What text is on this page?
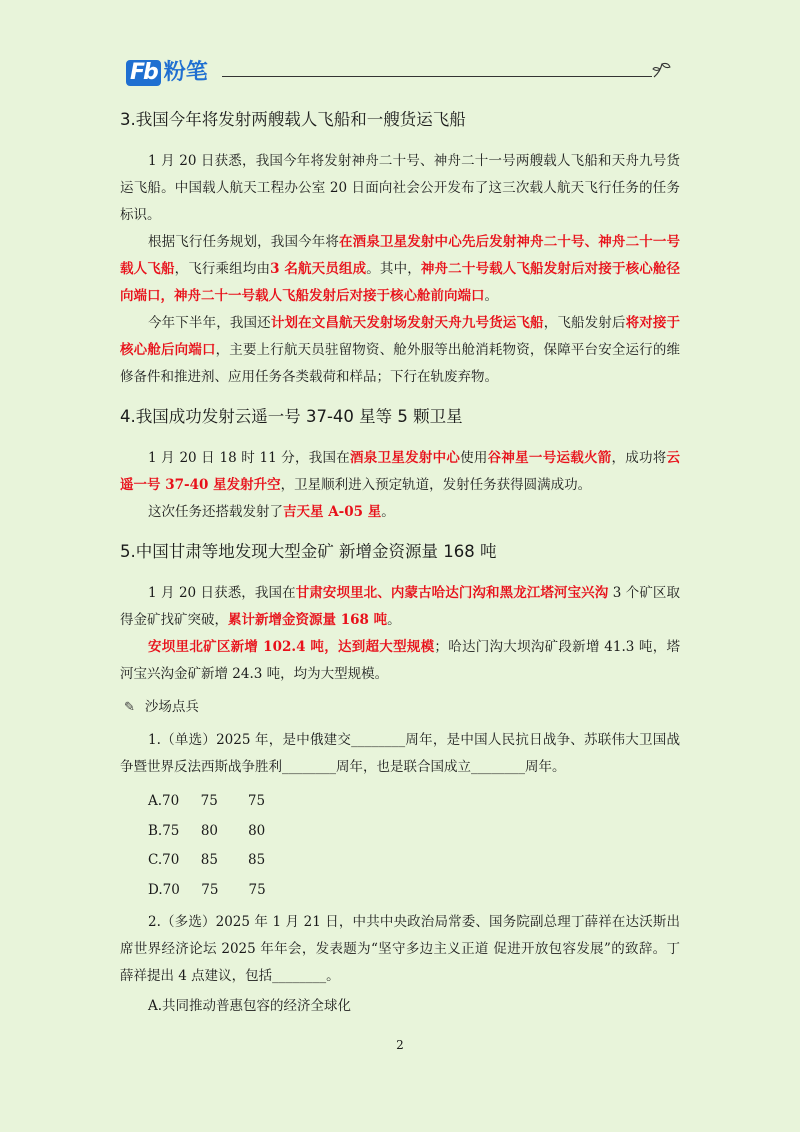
Fb 粉笔
3.我国今年将发射两艘载人飞船和一艘货运飞船

1 月 20 日获悉，我国今年将发射神舟二十号、神舟二十一号两艘载人飞船和天舟九号货运飞船。中国载人航天工程办公室 20 日面向社会公开发布了这三次载人航天飞行任务的任务标识。

根据飞行任务规划，我国今年将在酒泉卫星发射中心先后发射神舟二十号、神舟二十一号载人飞船，飞行乘组均由3 名航天员组成。其中，神舟二十号载人飞船发射后对接于核心舱径向端口，神舟二十一号载人飞船发射后对接于核心舱前向端口。

今年下半年，我国还计划在文昌航天发射场发射天舟九号货运飞船，飞船发射后将对接于核心舱后向端口，主要上行航天员驻留物资、舱外服等出舱消耗物资，保障平台安全运行的维修备件和推进剂、应用任务各类载荷和样品；下行在轨废弃物。

4.我国成功发射云遥一号 37-40 星等 5 颗卫星

1 月 20 日 18 时 11 分，我国在酒泉卫星发射中心使用谷神星一号运载火箭，成功将云遥一号 37-40 星发射升空，卫星顺利进入预定轨道，发射任务获得圆满成功。

这次任务还搭载发射了吉天星 A-05 星。

5.中国甘肃等地发现大型金矿 新增金资源量 168 吨

1 月 20 日获悉，我国在甘肃安坝里北、内蒙古哈达门沟和黑龙江塔河宝兴沟 3 个矿区取得金矿找矿突破，累计新增金资源量 168 吨。

安坝里北矿区新增 102.4 吨，达到超大型规模；哈达门沟大坝沟矿段新增 41.3 吨，塔河宝兴沟金矿新增 24.3 吨，均为大型规模。

✎ 沙场点兵

1.（单选）2025 年，是中俄建交________周年，是中国人民抗日战争、苏联伟大卫国战争暨世界反法西斯战争胜利________周年，也是联合国成立________周年。

A.70     75       75

B.75     80       80

C.70     85       85

D.70     75       75

2.（多选）2025 年 1 月 21 日，中共中央政治局常委、国务院副总理丁薛祥在达沃斯出席世界经济论坛 2025 年年会，发表题为“坚守多边主义正道 促进开放包容发展”的致辞。丁薛祥提出 4 点建议，包括________。

A.共同推动普惠包容的经济全球化

2
